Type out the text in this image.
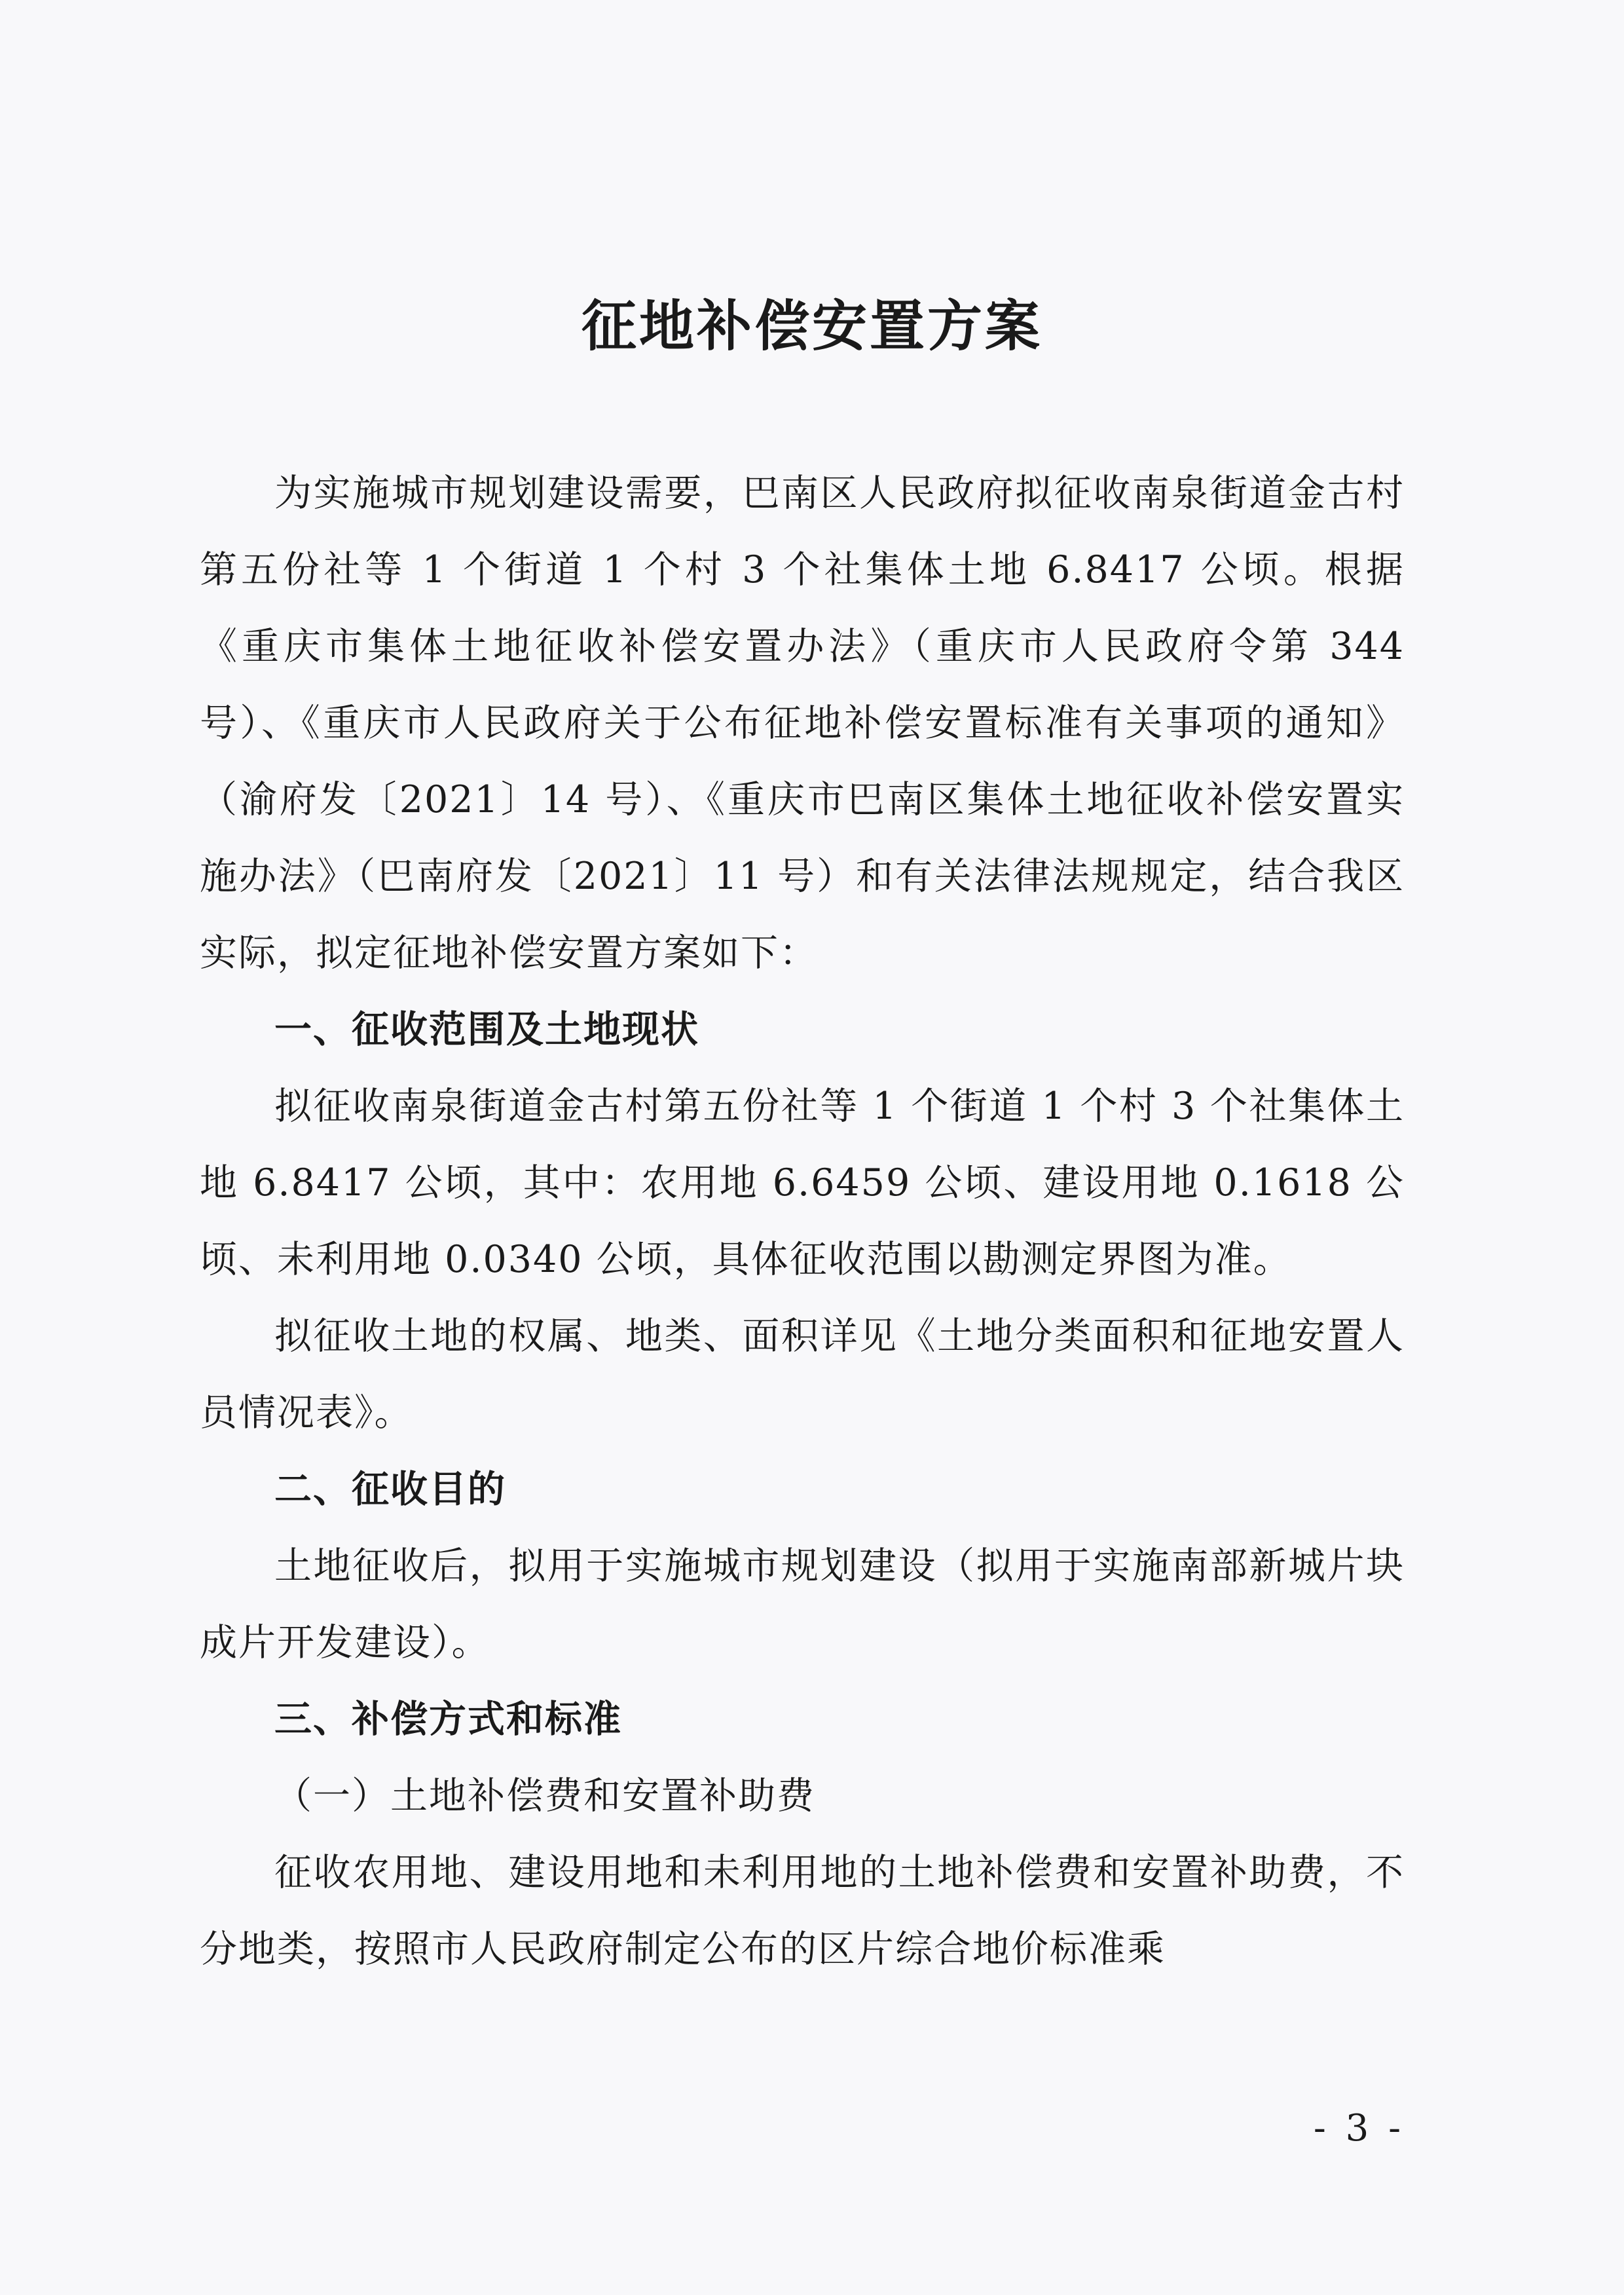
征地补偿安置方案

为实施城市规划建设需要，巴南区人民政府拟征收南泉街道金古村第五份社等 1 个街道 1 个村 3 个社集体土地 6.8417 公顷。根据《重庆市集体土地征收补偿安置办法》（重庆市人民政府令第 344 号）、《重庆市人民政府关于公布征地补偿安置标准有关事项的通知》（渝府发〔2021〕14 号）、《重庆市巴南区集体土地征收补偿安置实施办法》（巴南府发〔2021〕11 号）和有关法律法规规定，结合我区实际，拟定征地补偿安置方案如下：

一、征收范围及土地现状

拟征收南泉街道金古村第五份社等 1 个街道 1 个村 3 个社集体土地 6.8417 公顷，其中：农用地 6.6459 公顷、建设用地 0.1618 公顷、未利用地 0.0340 公顷，具体征收范围以勘测定界图为准。

拟征收土地的权属、地类、面积详见《土地分类面积和征地安置人员情况表》。

二、征收目的

土地征收后，拟用于实施城市规划建设（拟用于实施南部新城片块成片开发建设）。

三、补偿方式和标准

（一）土地补偿费和安置补助费

征收农用地、建设用地和未利用地的土地补偿费和安置补助费，不分地类，按照市人民政府制定公布的区片综合地价标准乘

- 3 -
